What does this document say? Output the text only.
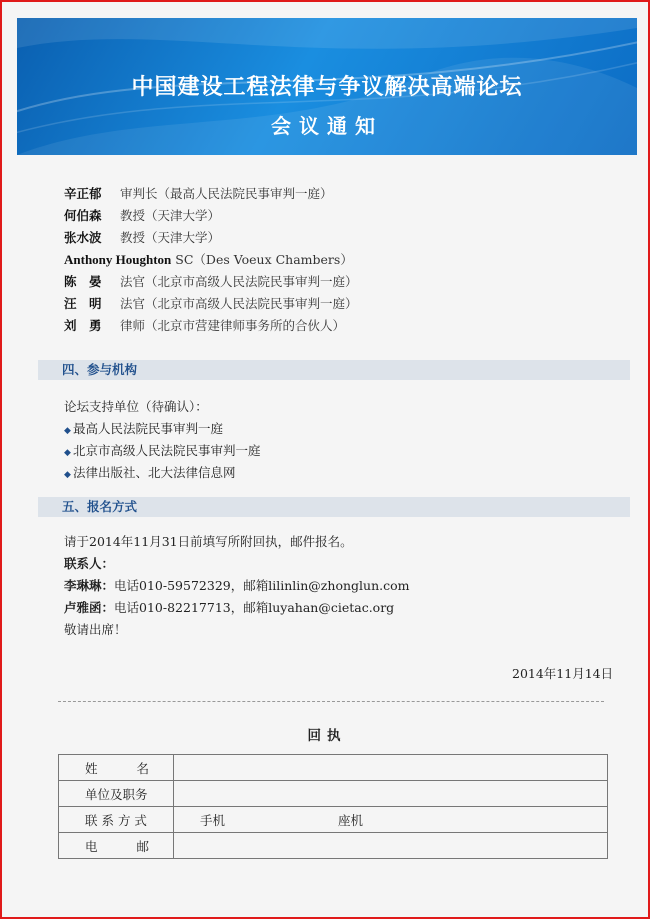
中国建设工程法律与争议解决高端论坛
会议通知
辛正郁 审判长（最高人民法院民事审判一庭）
何伯森 教授（天津大学）
张水波 教授（天津大学）
Anthony Houghton SC（Des Voeux Chambers）
陈　晏 法官（北京市高级人民法院民事审判一庭）
汪　明 法官（北京市高级人民法院民事审判一庭）
刘　勇 律师（北京市营建律师事务所的合伙人）
四、参与机构
论坛支持单位（待确认）：
◆ 最高人民法院民事审判一庭
◆ 北京市高级人民法院民事审判一庭
◆ 法律出版社、北大法律信息网
五、报名方式
请于2014年11月31日前填写所附回执，邮件报名。
联系人：
李琳琳：电话010-59572329，邮箱lilinlin@zhonglun.com
卢雅函：电话010-82217713，邮箱luyahan@cietac.org
敬请出席！
2014年11月14日
回执
姓 名	

单位及职务	

联 系 方 式	手机 座机

电 邮	
